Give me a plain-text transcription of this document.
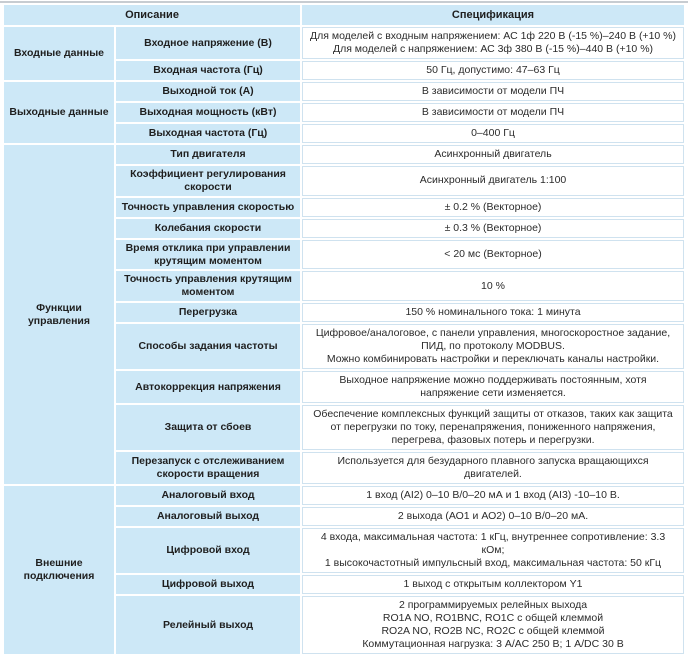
Описание		Спецификация
Входные данные	Входное напряжение (В)	Для моделей с входным напряжением: АС 1ф 220 В (-15 %)–240 В (+10 %)
Для моделей с напряжением: АС 3ф 380 В (-15 %)–440 В (+10 %)

	Входная частота (Гц)	50 Гц, допустимо: 47–63 Гц

Выходные данные	Выходной ток (А)	В зависимости от модели ПЧ

	Выходная мощность (кВт)	В зависимости от модели ПЧ

	Выходная частота (Гц)	0–400 Гц

Функции управления	Тип двигателя	Асинхронный двигатель

	Коэффициент регулирования скорости	Асинхронный двигатель 1:100

	Точность управления скоростью	± 0.2 % (Векторное)

	Колебания скорости	± 0.3 % (Векторное)

	Время отклика при управлении крутящим моментом	< 20 мс (Векторное)

	Точность управления крутящим моментом	10 %

	Перегрузка	150 % номинального тока: 1 минута

	Способы задания частоты	Цифровое/аналоговое, с панели управления, многоскоростное задание, ПИД, по протоколу MODBUS.
Можно комбинировать настройки и переключать каналы настройки.

	Автокоррекция напряжения	Выходное напряжение можно поддерживать постоянным, хотя напряжение сети изменяется.

	Защита от сбоев	Обеспечение комплексных функций защиты от отказов, таких как защита от перегрузки по току, перенапряжения, пониженного напряжения, перегрева, фазовых потерь и перегрузки.

	Перезапуск с отслеживанием скорости вращения	Используется для безударного плавного запуска вращающихся двигателей.

Внешние подключения	Аналоговый вход	1 вход (AI2) 0–10 В/0–20 мА и 1 вход (AI3) -10–10 В.

	Аналоговый выход	2 выхода (АО1 и АО2) 0–10 В/0–20 мА.

	Цифровой вход	4 входа, максимальная частота: 1 кГц, внутреннее сопротивление: 3.3 кОм;
1 высокочастотный импульсный вход, максимальная частота: 50 кГц

	Цифровой выход	1 выход с открытым коллектором Y1

	Релейный выход	2 программируемых релейных выхода
RO1A NO, RO1BNC, RO1C с общей клеммой
RO2A NO, RO2B NC, RO2C с общей клеммой
Коммутационная нагрузка: 3 А/АС 250 В; 1 А/DC 30 В
